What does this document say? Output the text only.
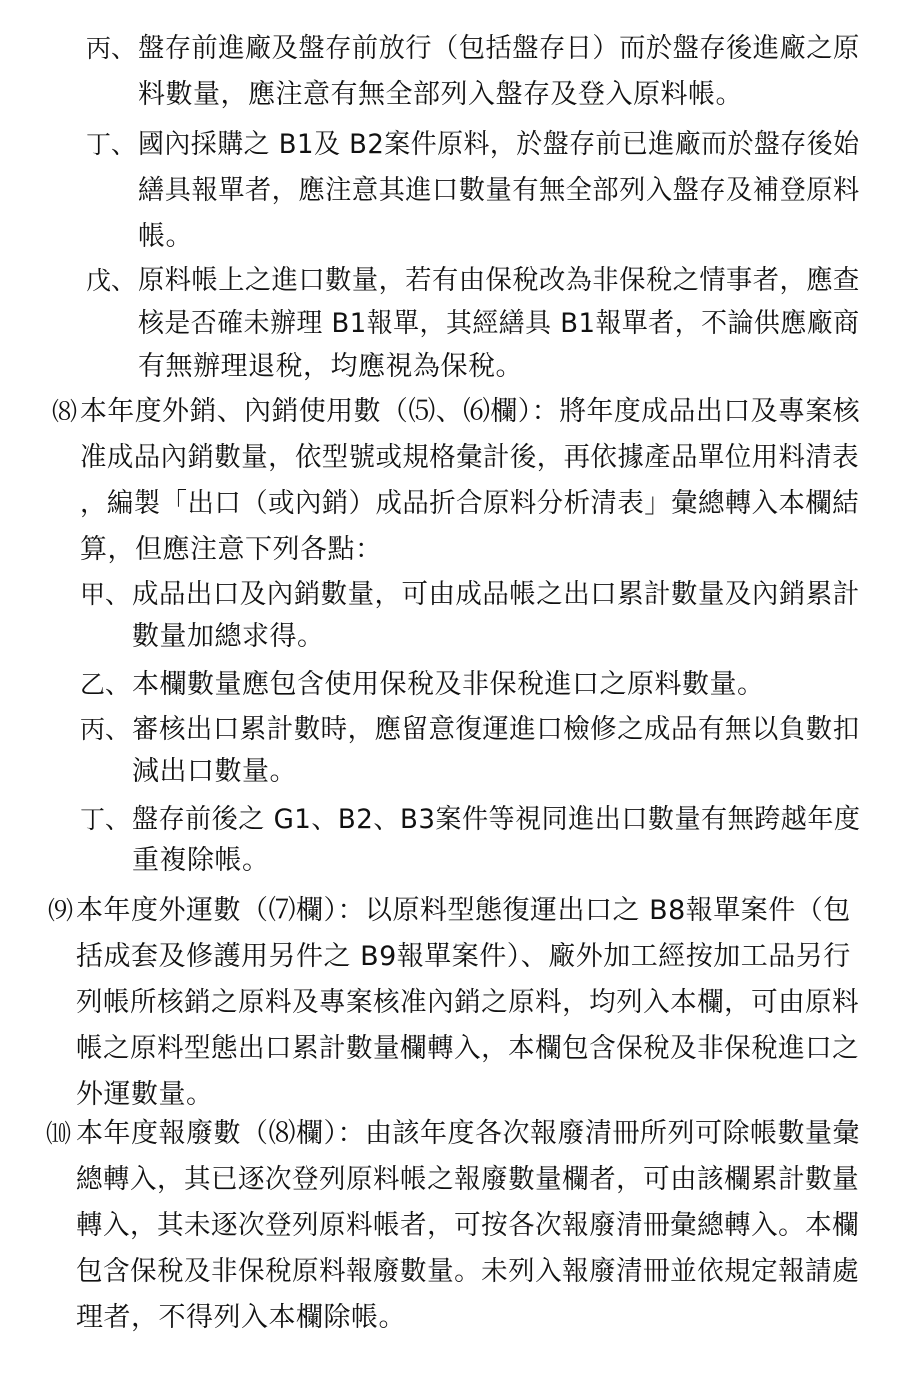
丙、 盤存前進廠及盤存前放行（包括盤存日）而於盤存後進廠之原
料數量，應注意有無全部列入盤存及登入原料帳。
丁、 國內採購之 B1及 B2案件原料，於盤存前已進廠而於盤存後始
繕具報單者，應注意其進口數量有無全部列入盤存及補登原料
帳。
戊、 原料帳上之進口數量，若有由保稅改為非保稅之情事者，應查
核是否確未辦理 B1報單，其經繕具 B1報單者，不論供應廠商
有無辦理退稅，均應視為保稅。
⑻ 本年度外銷、內銷使用數（⑸、⑹欄）：將年度成品出口及專案核
准成品內銷數量，依型號或規格彙計後，再依據產品單位用料清表
，編製「出口（或內銷）成品折合原料分析清表」彙總轉入本欄結
算，但應注意下列各點：
甲、 成品出口及內銷數量，可由成品帳之出口累計數量及內銷累計
數量加總求得。
乙、 本欄數量應包含使用保稅及非保稅進口之原料數量。
丙、 審核出口累計數時，應留意復運進口檢修之成品有無以負數扣
減出口數量。
丁、 盤存前後之 G1、B2、B3案件等視同進出口數量有無跨越年度
重複除帳。
⑼ 本年度外運數（⑺欄）：以原料型態復運出口之 B8報單案件（包
括成套及修護用另件之 B9報單案件）、廠外加工經按加工品另行
列帳所核銷之原料及專案核准內銷之原料，均列入本欄，可由原料
帳之原料型態出口累計數量欄轉入，本欄包含保稅及非保稅進口之
外運數量。
⑽ 本年度報廢數（⑻欄）：由該年度各次報廢清冊所列可除帳數量彙
總轉入，其已逐次登列原料帳之報廢數量欄者，可由該欄累計數量
轉入，其未逐次登列原料帳者，可按各次報廢清冊彙總轉入。本欄
包含保稅及非保稅原料報廢數量。未列入報廢清冊並依規定報請處
理者，不得列入本欄除帳。
